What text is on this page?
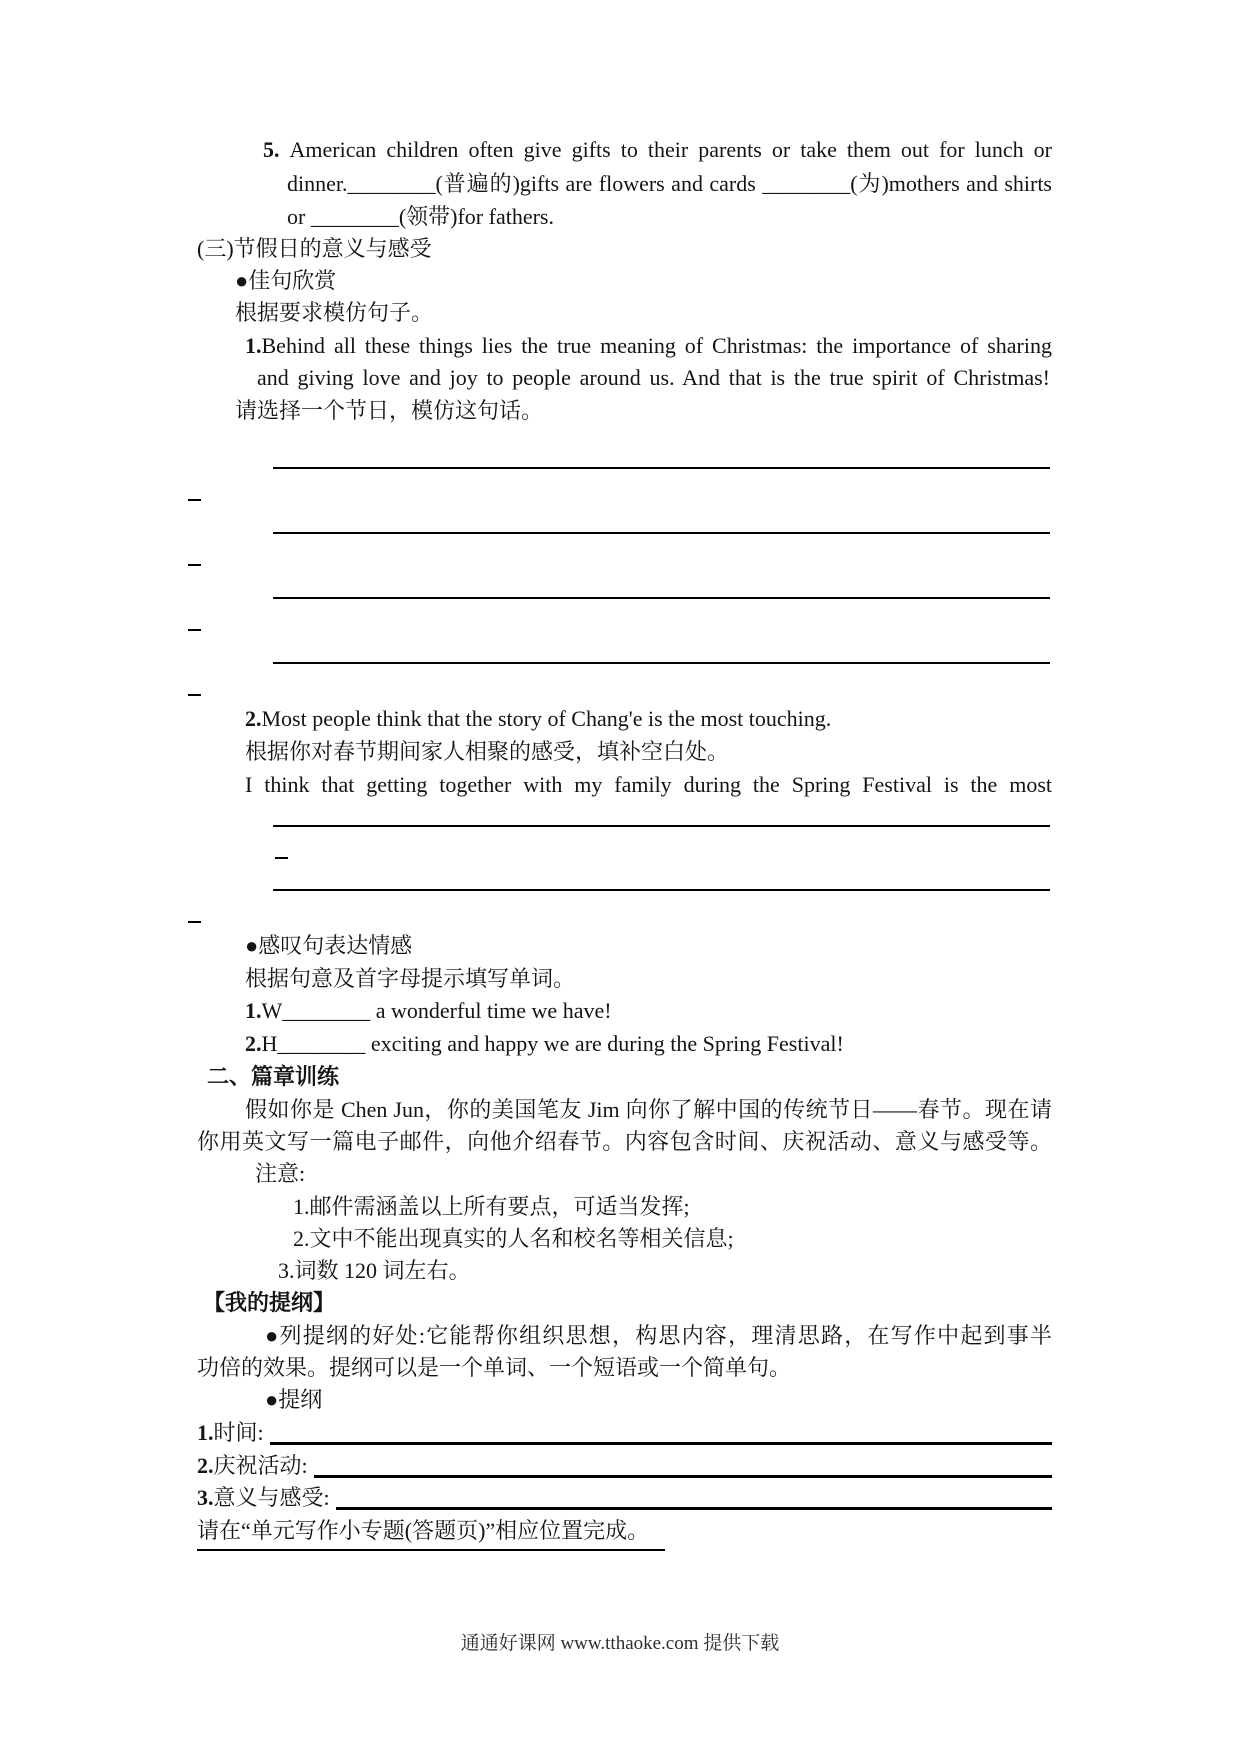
5. American children often give gifts to their parents or take them out for lunch or
dinner.________(普遍的)gifts are flowers and cards ________(为)mothers and shirts
or ________(领带)for fathers.
(三)节假日的意义与感受
●佳句欣赏
根据要求模仿句子。
1.Behind all these things lies the true meaning of Christmas: the importance of sharing
and giving love and joy to people around us. And that is the true spirit of Christmas!
请选择一个节日，模仿这句话。
2.Most people think that the story of Chang'e is the most touching.
根据你对春节期间家人相聚的感受，填补空白处。
I think that getting together with my family during the Spring Festival is the most
●感叹句表达情感
根据句意及首字母提示填写单词。
1.W________ a wonderful time we have!
2.H________ exciting and happy we are during the Spring Festival!
二、篇章训练
假如你是 Chen Jun，你的美国笔友 Jim 向你了解中国的传统节日——春节。现在请
你用英文写一篇电子邮件，向他介绍春节。内容包含时间、庆祝活动、意义与感受等。
注意:
1.邮件需涵盖以上所有要点，可适当发挥;
2.文中不能出现真实的人名和校名等相关信息;
3.词数 120 词左右。
【我的提纲】
●列提纲的好处:它能帮你组织思想，构思内容，理清思路，在写作中起到事半
功倍的效果。提纲可以是一个单词、一个短语或一个简单句。
●提纲
1.时间:
2.庆祝活动:
3.意义与感受:
请在“单元写作小专题(答题页)”相应位置完成。
通通好课网 www.tthaoke.com 提供下载
